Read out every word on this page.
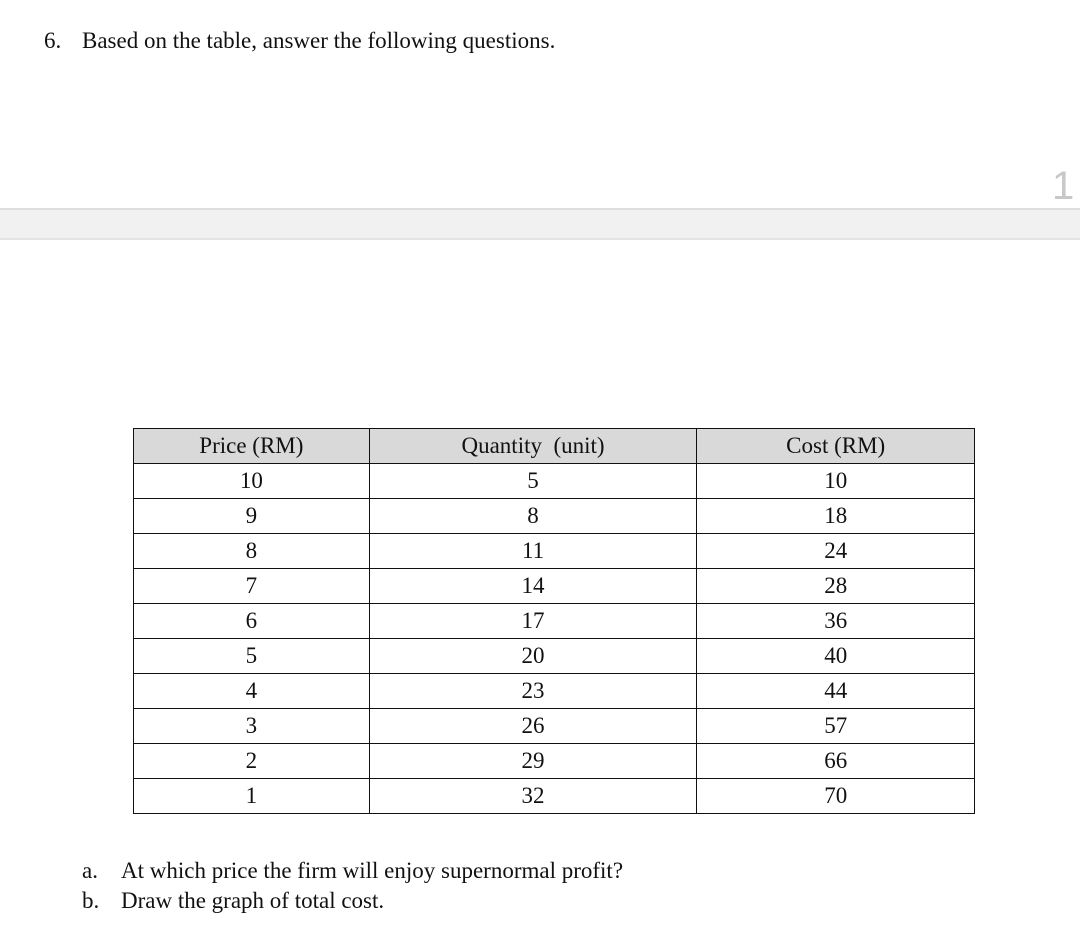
6. Based on the table, answer the following questions.
1
Price (RM)	Quantity  (unit)	Cost (RM)
10	5	10
9	8	18
8	11	24
7	14	28
6	17	36
5	20	40
4	23	44
3	26	57
2	29	66
1	32	70
a. At which price the firm will enjoy supernormal profit?
b. Draw the graph of total cost.
